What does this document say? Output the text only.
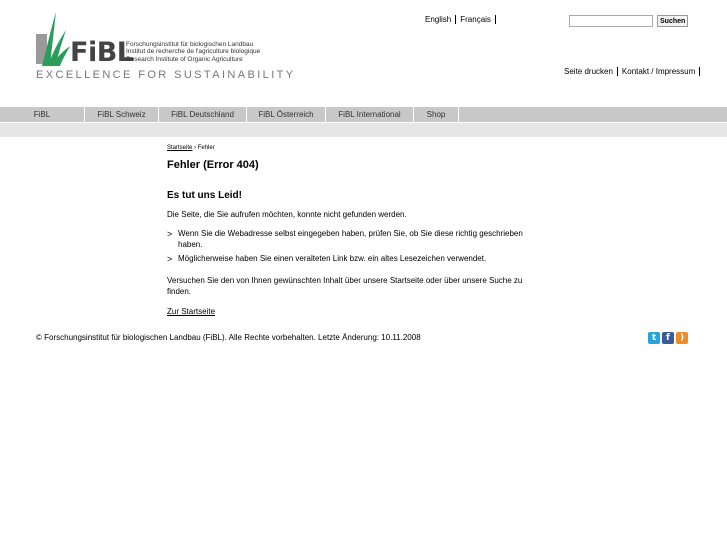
FiBL
Forschungsinstitut für biologischen Landbau
Institut de recherche de l'agriculture biologique
Research Institute of Organic Agriculture
EXCELLENCE FOR SUSTAINABILITY
English	Français	Suchen
Seite drucken	Kontakt / Impressum
FiBL	FiBL Schweiz	FiBL Deutschland	FiBL Österreich	FiBL International	Shop
Startseite › Fehler
Fehler (Error 404)
Es tut uns Leid!

Die Seite, die Sie aufrufen möchten, konnte nicht gefunden werden.

> Wenn Sie die Webadresse selbst eingegeben haben, prüfen Sie, ob Sie diese richtig geschrieben haben.
> Möglicherweise haben Sie einen veralteten Link bzw. ein altes Lesezeichen verwendet.

Versuchen Sie den von Ihnen gewünschten Inhalt über unsere Startseite oder über unsere Suche zu finden.

Zur Startseite
© Forschungsinstitut für biologischen Landbau (FiBL). Alle Rechte vorbehalten. Letzte Änderung: 10.11.2008	t	f	)
